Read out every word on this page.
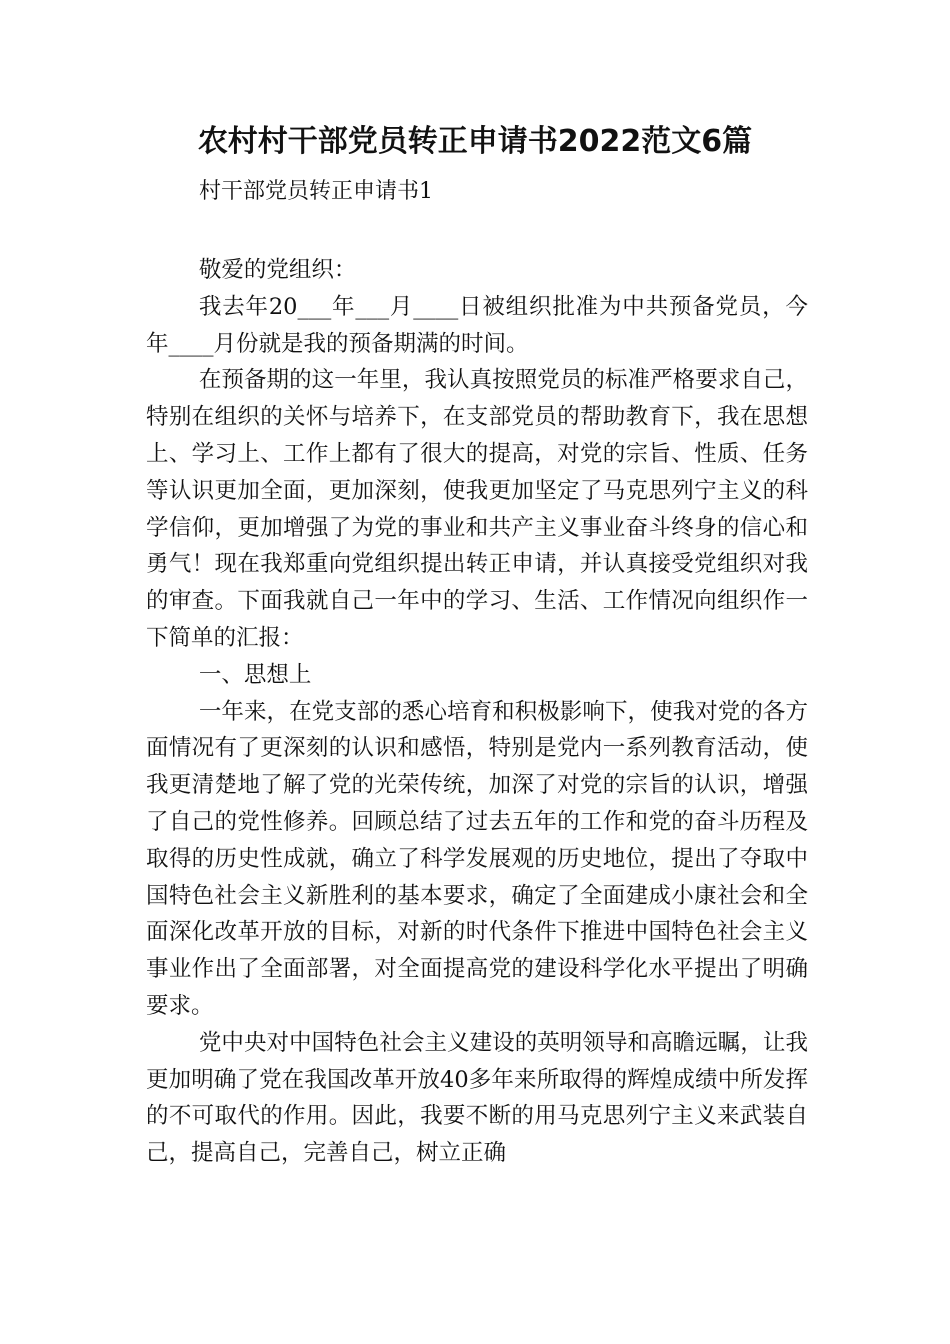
农村村干部党员转正申请书2022范文6篇
村干部党员转正申请书1

敬爱的党组织：

我去年20___年___月____日被组织批准为中共预备党员，今年____月份就是我的预备期满的时间。

在预备期的这一年里，我认真按照党员的标准严格要求自己，特别在组织的关怀与培养下，在支部党员的帮助教育下，我在思想上、学习上、工作上都有了很大的提高，对党的宗旨、性质、任务等认识更加全面，更加深刻，使我更加坚定了马克思列宁主义的科学信仰，更加增强了为党的事业和共产主义事业奋斗终身的信心和勇气！现在我郑重向党组织提出转正申请，并认真接受党组织对我的审查。下面我就自己一年中的学习、生活、工作情况向组织作一下简单的汇报：

一、思想上

一年来，在党支部的悉心培育和积极影响下，使我对党的各方面情况有了更深刻的认识和感悟，特别是党内一系列教育活动，使我更清楚地了解了党的光荣传统，加深了对党的宗旨的认识，增强了自己的党性修养。回顾总结了过去五年的工作和党的奋斗历程及取得的历史性成就，确立了科学发展观的历史地位，提出了夺取中国特色社会主义新胜利的基本要求，确定了全面建成小康社会和全面深化改革开放的目标，对新的时代条件下推进中国特色社会主义事业作出了全面部署，对全面提高党的建设科学化水平提出了明确要求。

党中央对中国特色社会主义建设的英明领导和高瞻远瞩，让我更加明确了党在我国改革开放40多年来所取得的辉煌成绩中所发挥的不可取代的作用。因此，我要不断的用马克思列宁主义来武装自己，提高自己，完善自己，树立正确
